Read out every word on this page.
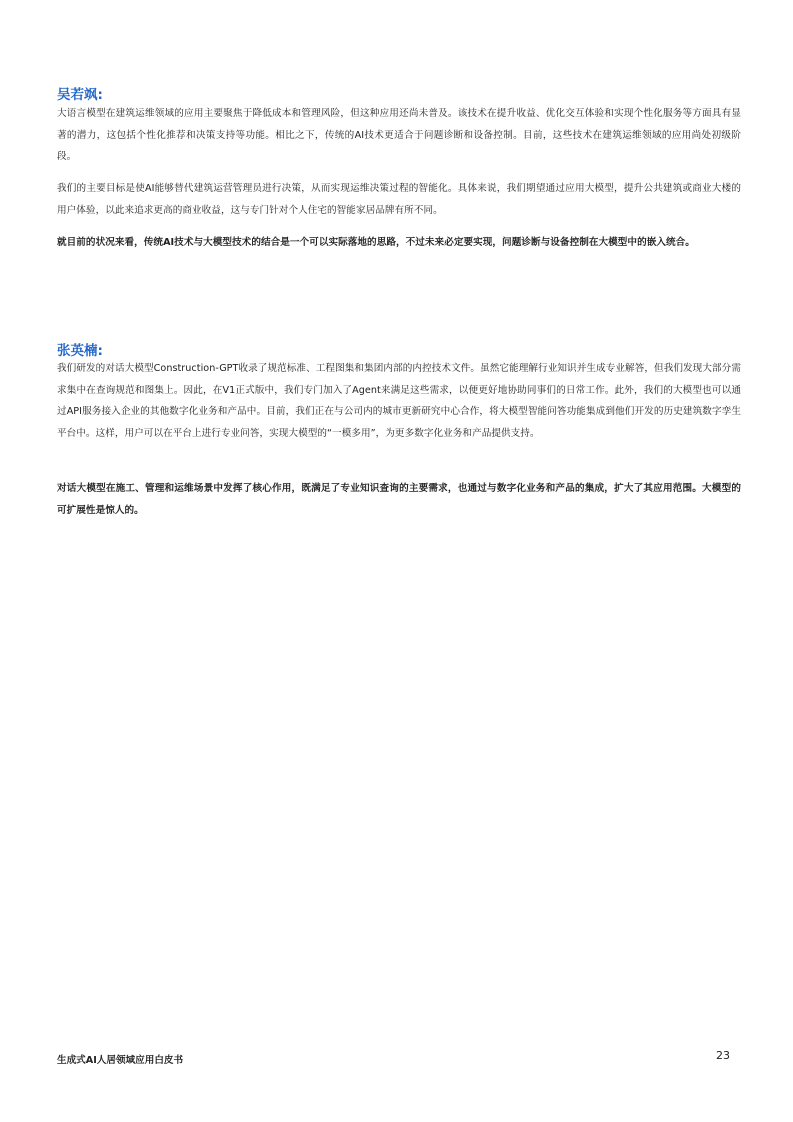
吴若飒:

大语言模型在建筑运维领域的应用主要聚焦于降低成本和管理风险，但这种应用还尚未普及。该技术在提升收益、优化交互体验和实现个性化服务等方面具有显著的潜力，这包括个性化推荐和决策支持等功能。相比之下，传统的AI技术更适合于问题诊断和设备控制。目前，这些技术在建筑运维领域的应用尚处初级阶段。

我们的主要目标是使AI能够替代建筑运营管理员进行决策，从而实现运维决策过程的智能化。具体来说，我们期望通过应用大模型，提升公共建筑或商业大楼的用户体验，以此来追求更高的商业收益，这与专门针对个人住宅的智能家居品牌有所不同。

就目前的状况来看，传统AI技术与大模型技术的结合是一个可以实际落地的思路，不过未来必定要实现，问题诊断与设备控制在大模型中的嵌入统合。

张英楠:

我们研发的对话大模型Construction-GPT收录了规范标准、工程图集和集团内部的内控技术文件。虽然它能理解行业知识并生成专业解答，但我们发现大部分需求集中在查询规范和图集上。因此，在V1正式版中，我们专门加入了Agent来满足这些需求，以便更好地协助同事们的日常工作。此外，我们的大模型也可以通过API服务接入企业的其他数字化业务和产品中。目前，我们正在与公司内的城市更新研究中心合作，将大模型智能问答功能集成到他们开发的历史建筑数字孪生平台中。这样，用户可以在平台上进行专业问答，实现大模型的“一模多用”，为更多数字化业务和产品提供支持。

对话大模型在施工、管理和运维场景中发挥了核心作用，既满足了专业知识查询的主要需求，也通过与数字化业务和产品的集成，扩大了其应用范围。大模型的可扩展性是惊人的。

生成式AI人居领域应用白皮书	23
